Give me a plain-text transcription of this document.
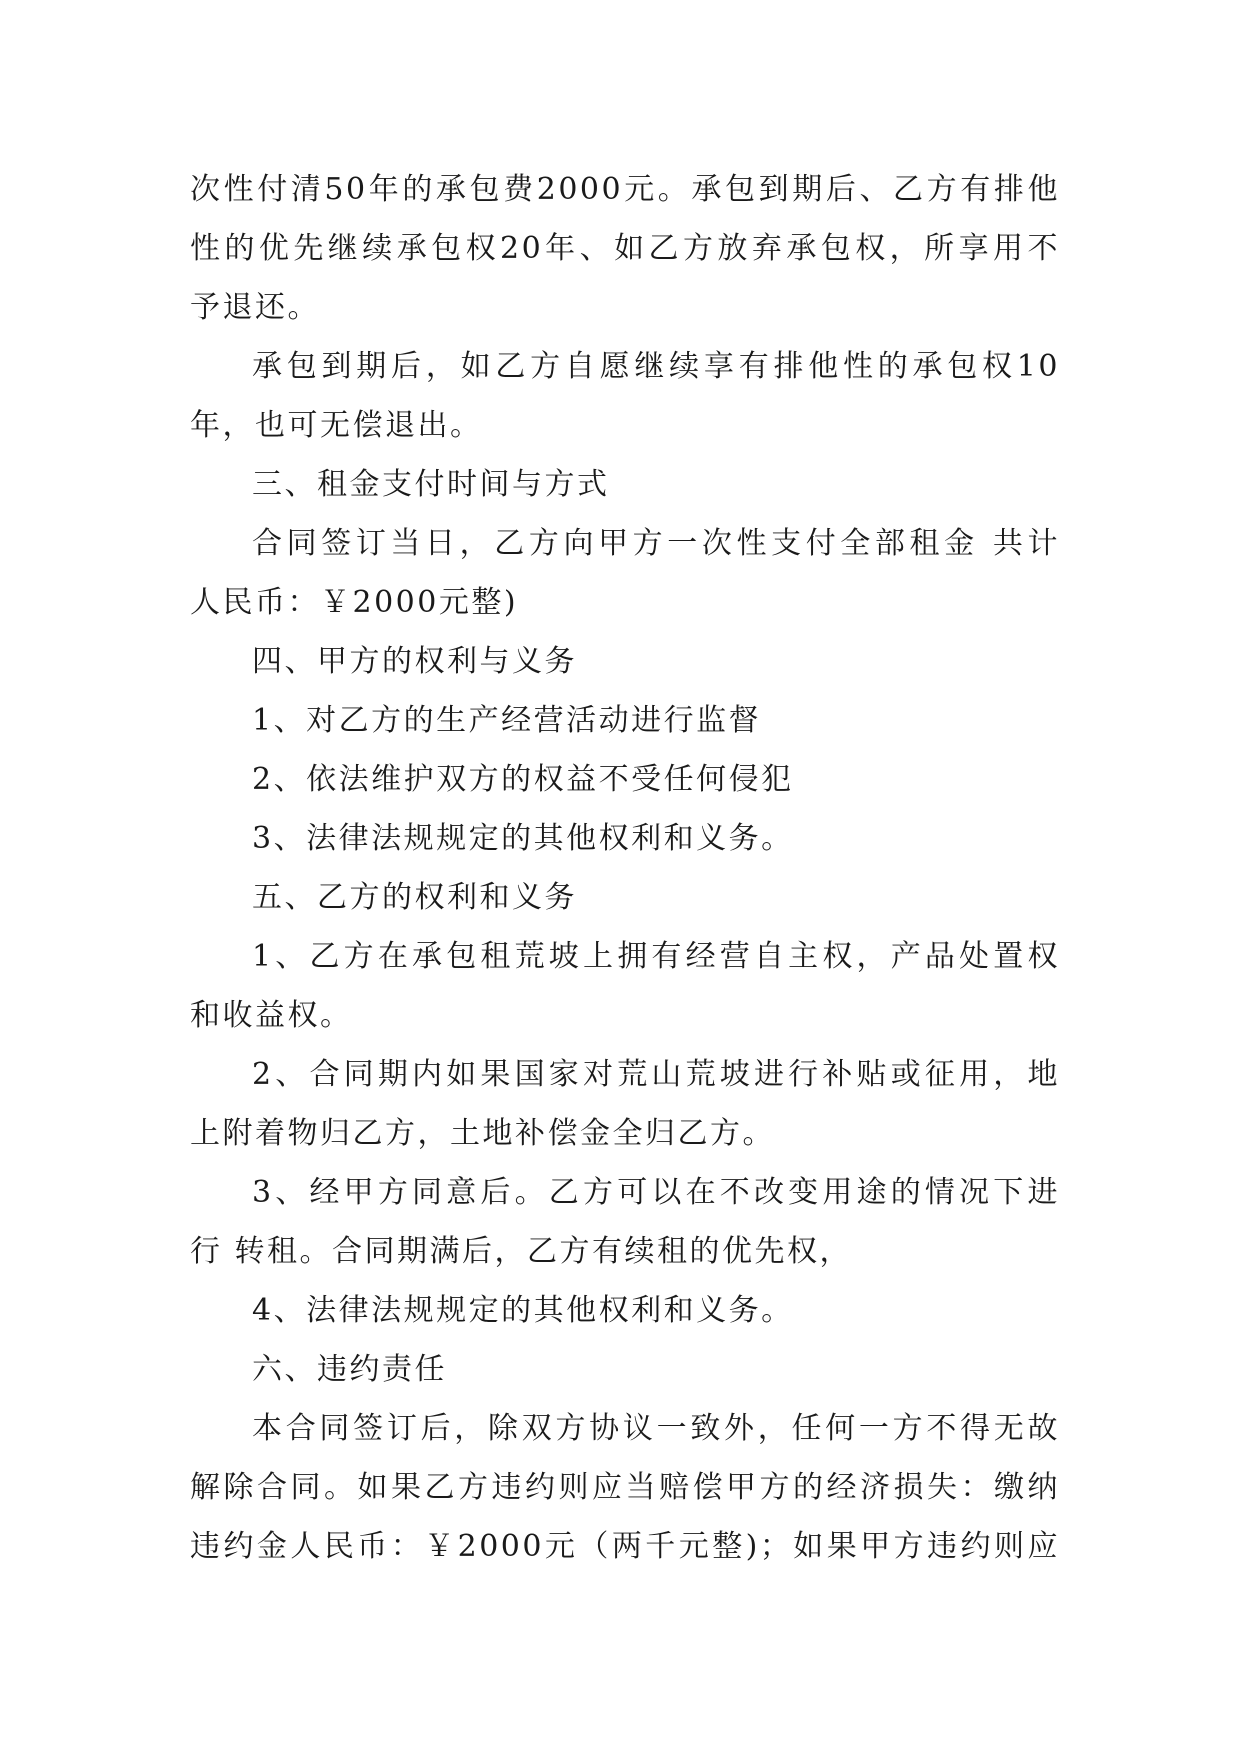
次性付清50年的承包费2000元。承包到期后、乙方有排他
性的优先继续承包权20年、如乙方放弃承包权，所享用不
予退还。
承包到期后，如乙方自愿继续享有排他性的承包权10
年，也可无偿退出。
三、租金支付时间与方式
合同签订当日，乙方向甲方一次性支付全部租金 共计
人民币：￥2000元整)
四、甲方的权利与义务
1、对乙方的生产经营活动进行监督
2、依法维护双方的权益不受任何侵犯
3、法律法规规定的其他权利和义务。
五、乙方的权利和义务
1、乙方在承包租荒坡上拥有经营自主权，产品处置权
和收益权。
2、合同期内如果国家对荒山荒坡进行补贴或征用，地
上附着物归乙方，土地补偿金全归乙方。
3、经甲方同意后。乙方可以在不改变用途的情况下进
行 转租。合同期满后，乙方有续租的优先权，
4、法律法规规定的其他权利和义务。
六、违约责任
本合同签订后，除双方协议一致外，任何一方不得无故
解除合同。如果乙方违约则应当赔偿甲方的经济损失：缴纳
违约金人民币：￥2000元（两千元整)；如果甲方违约则应
